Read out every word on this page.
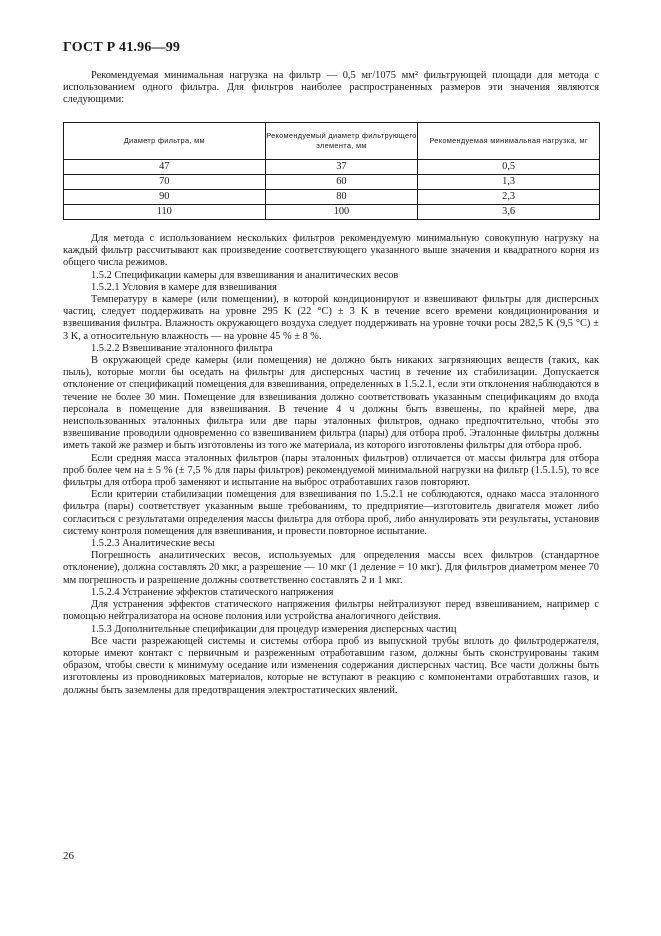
ГОСТ Р 41.96—99

Рекомендуемая минимальная нагрузка на фильтр — 0,5 мг/1075 мм² фильтрующей площади для метода с использованием одного фильтра. Для фильтров наиболее распространенных размеров эти значения являются следующими:

Диаметр фильтра, мм	Рекомендуемый диаметр фильтрующего элемента, мм	Рекомендуемая минимальная нагрузка, мг
47	37	0,5
70	60	1,3
90	80	2,3
110	100	3,6

Для метода с использованием нескольких фильтров рекомендуемую минимальную совокупную нагрузку на каждый фильтр рассчитывают как произведение соответствующего указанного выше значения и квадратного корня из общего числа режимов.

1.5.2 Спецификации камеры для взвешивания и аналитических весов

1.5.2.1 Условия в камере для взвешивания

Температуру в камере (или помещении), в которой кондиционируют и взвешивают фильтры для дисперсных частиц, следует поддерживать на уровне 295 K (22 °C) ± 3 K в течение всего времени кондиционирования и взвешивания фильтра. Влажность окружающего воздуха следует поддерживать на уровне точки росы 282,5 K (9,5 °C) ± 3 K, а относительную влажность — на уровне 45 % ± 8 %.

1.5.2.2 Взвешивание эталонного фильтра

В окружающей среде камеры (или помещения) не должно быть никаких загрязняющих веществ (таких, как пыль), которые могли бы оседать на фильтры для дисперсных частиц в течение их стабилизации. Допускается отклонение от спецификаций помещения для взвешивания, определенных в 1.5.2.1, если эти отклонения наблюдаются в течение не более 30 мин. Помещение для взвешивания должно соответствовать указанным спецификациям до входа персонала в помещение для взвешивания. В течение 4 ч должны быть взвешены, по крайней мере, два неиспользованных эталонных фильтра или две пары эталонных фильтров, однако предпочтительно, чтобы это взвешивание проводили одновременно со взвешиванием фильтра (пары) для отбора проб. Эталонные фильтры должны иметь такой же размер и быть изготовлены из того же материала, из которого изготовлены фильтры для отбора проб.

Если средняя масса эталонных фильтров (пары эталонных фильтров) отличается от массы фильтра для отбора проб более чем на ± 5 % (± 7,5 % для пары фильтров) рекомендуемой минимальной нагрузки на фильтр (1.5.1.5), то все фильтры для отбора проб заменяют и испытание на выброс отработавших газов повторяют.

Если критерии стабилизации помещения для взвешивания по 1.5.2.1 не соблюдаются, однако масса эталонного фильтра (пары) соответствует указанным выше требованиям, то предприятие—изготовитель двигателя может либо согласиться с результатами определения массы фильтра для отбора проб, либо аннулировать эти результаты, установив систему контроля помещения для взвешивания, и провести повторное испытание.

1.5.2.3 Аналитические весы

Погрешность аналитических весов, используемых для определения массы всех фильтров (стандартное отклонение), должна составлять 20 мкг, а разрешение — 10 мкг (1 деление = 10 мкг). Для фильтров диаметром менее 70 мм погрешность и разрешение должны соответственно составлять 2 и 1 мкг.

1.5.2.4 Устранение эффектов статического напряжения

Для устранения эффектов статического напряжения фильтры нейтрализуют перед взвешиванием, например с помощью нейтрализатора на основе полония или устройства аналогичного действия.

1.5.3 Дополнительные спецификации для процедур измерения дисперсных частиц

Все части разрежающей системы и системы отбора проб из выпускной трубы вплоть до фильтродержателя, которые имеют контакт с первичным и разреженным отработавшим газом, должны быть сконструированы таким образом, чтобы свести к минимуму оседание или изменения содержания дисперсных частиц. Все части должны быть изготовлены из проводниковых материалов, которые не вступают в реакцию с компонентами отработавших газов, и должны быть заземлены для предотвращения электростатических явлений.

26
